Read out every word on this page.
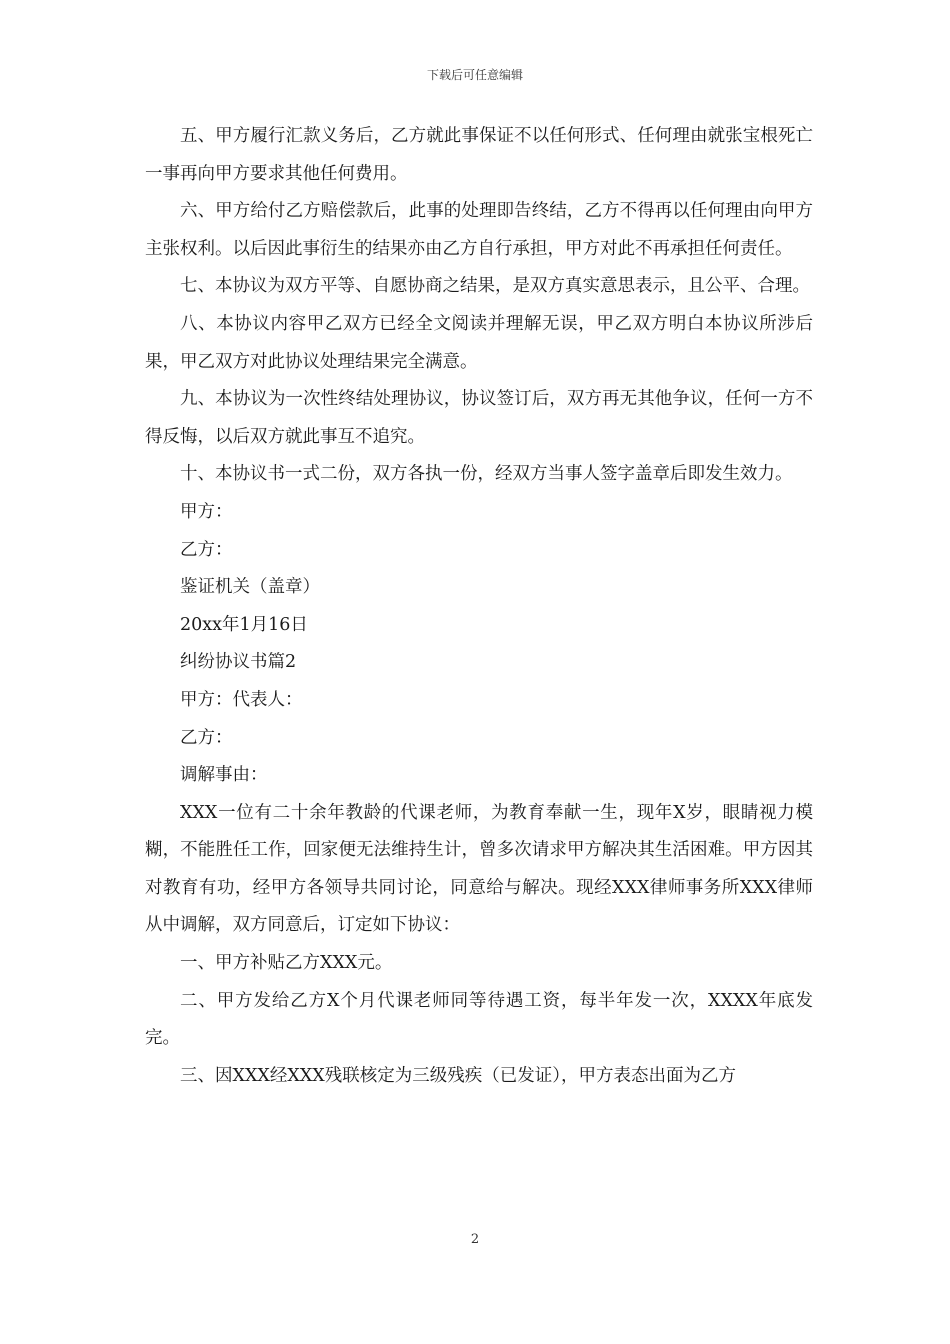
下载后可任意编辑

五、甲方履行汇款义务后，乙方就此事保证不以任何形式、任何理由就张宝根死亡一事再向甲方要求其他任何费用。

六、甲方给付乙方赔偿款后，此事的处理即告终结，乙方不得再以任何理由向甲方主张权利。以后因此事衍生的结果亦由乙方自行承担，甲方对此不再承担任何责任。

七、本协议为双方平等、自愿协商之结果，是双方真实意思表示，且公平、合理。

八、本协议内容甲乙双方已经全文阅读并理解无误，甲乙双方明白本协议所涉后果，甲乙双方对此协议处理结果完全满意。

九、本协议为一次性终结处理协议，协议签订后，双方再无其他争议，任何一方不得反悔，以后双方就此事互不追究。

十、本协议书一式二份，双方各执一份，经双方当事人签字盖章后即发生效力。

甲方：

乙方：

鉴证机关（盖章）

20xx年1月16日

纠纷协议书篇2

甲方：代表人：

乙方：

调解事由：

XXX一位有二十余年教龄的代课老师，为教育奉献一生，现年X岁，眼睛视力模糊，不能胜任工作，回家便无法维持生计，曾多次请求甲方解决其生活困难。甲方因其对教育有功，经甲方各领导共同讨论，同意给与解决。现经XXX律师事务所XXX律师从中调解，双方同意后，订定如下协议：

一、甲方补贴乙方XXX元。

二、甲方发给乙方X个月代课老师同等待遇工资，每半年发一次，XXXX年底发完。

三、因XXX经XXX残联核定为三级残疾（已发证），甲方表态出面为乙方

2
